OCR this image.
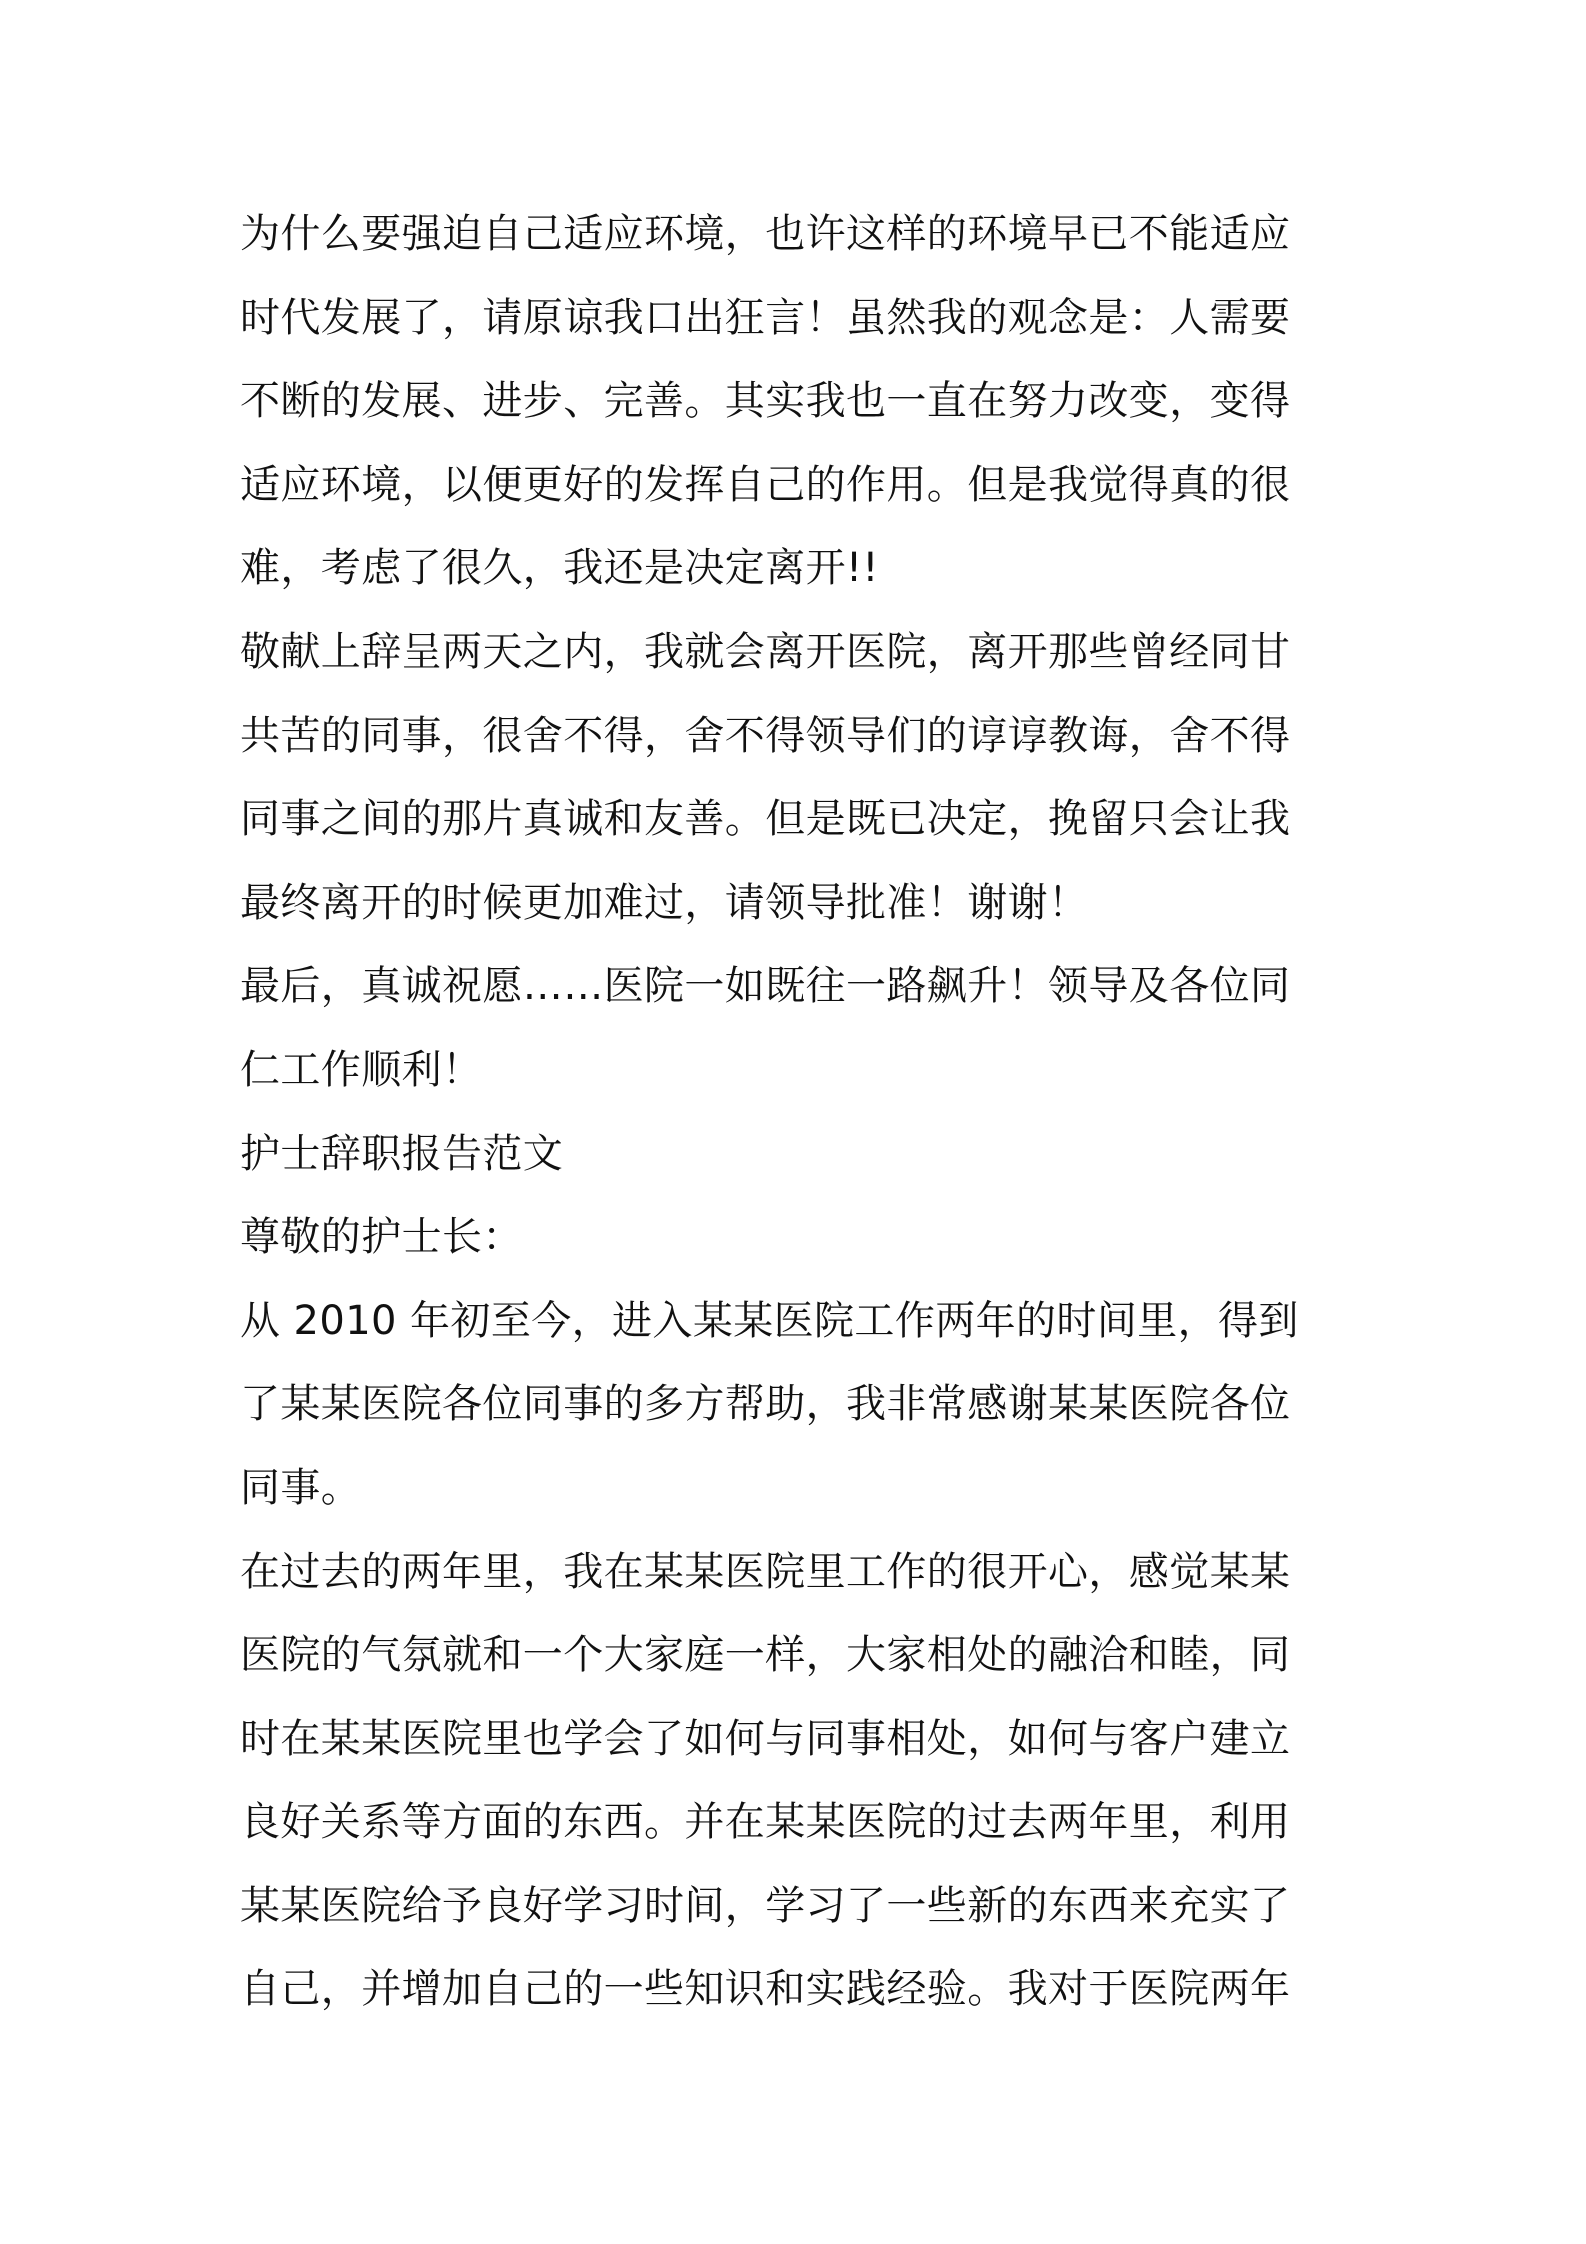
为什么要强迫自己适应环境，也许这样的环境早已不能适应
时代发展了，请原谅我口出狂言！虽然我的观念是：人需要
不断的发展、进步、完善。其实我也一直在努力改变，变得
适应环境，以便更好的发挥自己的作用。但是我觉得真的很
难，考虑了很久，我还是决定离开!!
敬献上辞呈两天之内，我就会离开医院，离开那些曾经同甘
共苦的同事，很舍不得，舍不得领导们的谆谆教诲，舍不得
同事之间的那片真诚和友善。但是既已决定，挽留只会让我
最终离开的时候更加难过，请领导批准！谢谢！
最后，真诚祝愿……医院一如既往一路飙升！领导及各位同
仁工作顺利！
护士辞职报告范文
尊敬的护士长：
从 2010 年初至今，进入某某医院工作两年的时间里，得到
了某某医院各位同事的多方帮助，我非常感谢某某医院各位
同事。
在过去的两年里，我在某某医院里工作的很开心，感觉某某
医院的气氛就和一个大家庭一样，大家相处的融洽和睦，同
时在某某医院里也学会了如何与同事相处，如何与客户建立
良好关系等方面的东西。并在某某医院的过去两年里，利用
某某医院给予良好学习时间，学习了一些新的东西来充实了
自己，并增加自己的一些知识和实践经验。我对于医院两年
